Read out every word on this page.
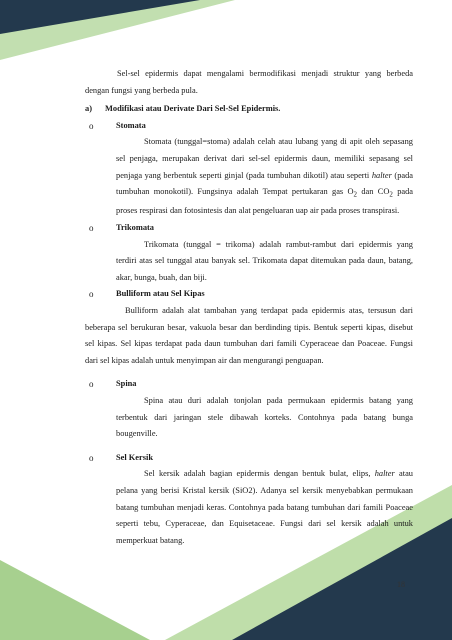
Sel-sel epidermis dapat mengalami bermodifikasi menjadi struktur yang berbeda dengan fungsi yang berbeda pula.

a) Modifikasi atau Derivate Dari Sel-Sel Epidermis.

o	Stomata

Stomata (tunggal=stoma) adalah celah atau lubang yang di apit oleh sepasang sel penjaga, merupakan derivat dari sel-sel epidermis daun, memiliki sepasang sel penjaga yang berbentuk seperti ginjal (pada tumbuhan dikotil) atau seperti halter (pada tumbuhan monokotil). Fungsinya adalah Tempat pertukaran gas $O_2$ dan $CO_2$ pada proses respirasi dan fotosintesis dan alat pengeluaran uap air pada proses transpirasi.

o	Trikomata

Trikomata (tunggal = trikoma) adalah rambut-rambut dari epidermis yang terdiri atas sel tunggal atau banyak sel. Trikomata dapat ditemukan pada daun, batang, akar, bunga, buah, dan biji.

o	Bulliform atau Sel Kipas

Bulliform adalah alat tambahan yang terdapat pada epidermis atas, tersusun dari beberapa sel berukuran besar, vakuola besar dan berdinding tipis. Bentuk seperti kipas, disebut sel kipas. Sel kipas terdapat pada daun tumbuhan dari famili Cyperaceae dan Poaceae. Fungsi dari sel kipas adalah untuk menyimpan air dan mengurangi penguapan.

o	Spina

Spina atau duri adalah tonjolan pada permukaan epidermis batang yang terbentuk dari jaringan stele dibawah korteks. Contohnya pada batang bunga bougenville.

o	Sel Kersik

Sel kersik adalah bagian epidermis dengan bentuk bulat, elips, halter atau pelana yang berisi Kristal kersik (SiO2). Adanya sel kersik menyebabkan permukaan batang tumbuhan menjadi keras. Contohnya pada batang tumbuhan dari famili Poaceae seperti tebu, Cyperaceae, dan Equisetaceae. Fungsi dari sel kersik adalah untuk memperkuat batang.

18
